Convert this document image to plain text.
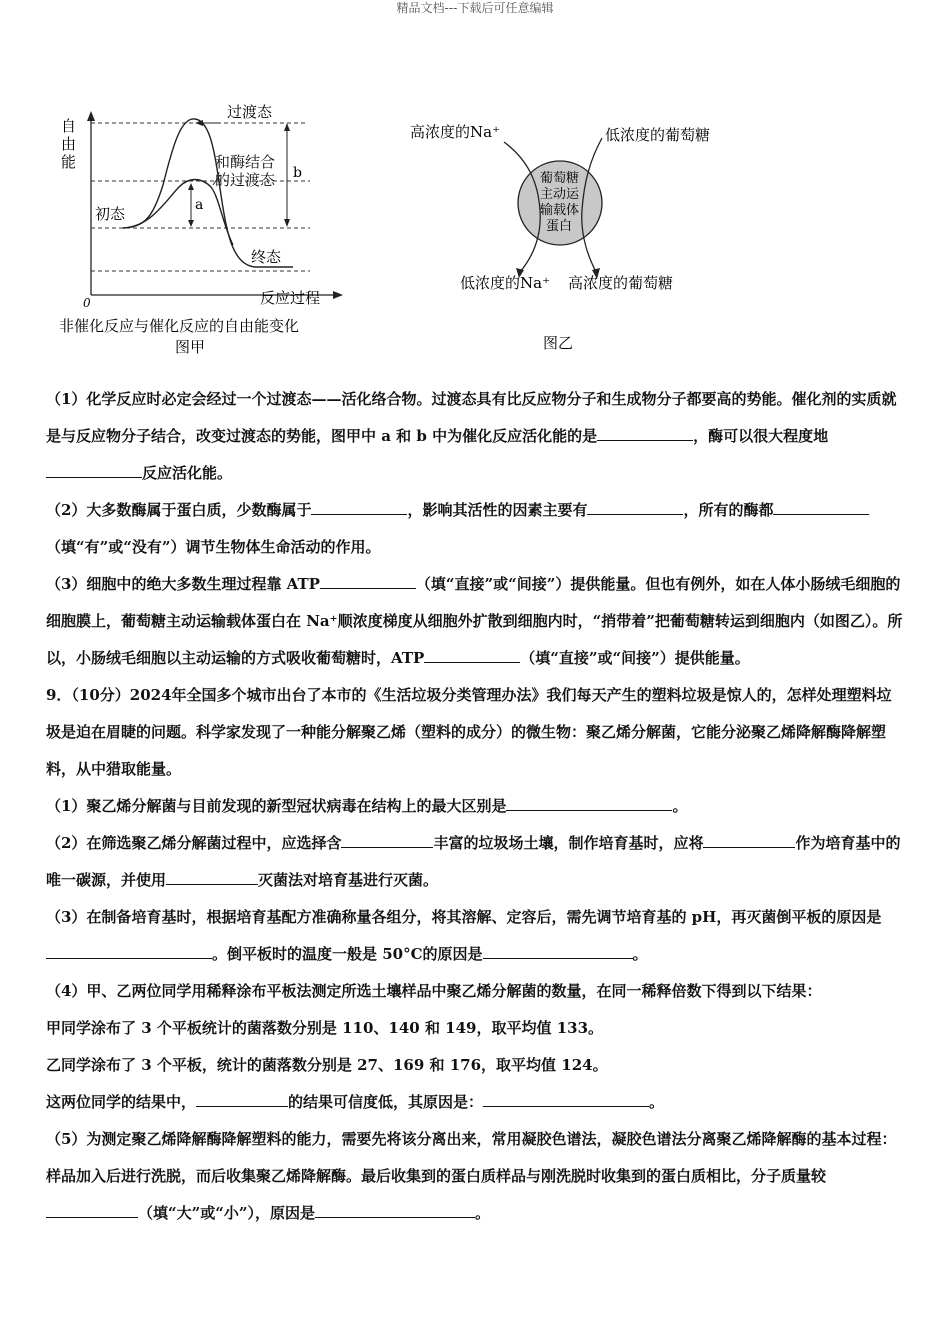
精品文档---下载后可任意编辑
自由能
0	反应过程
过渡态
初态
终态
a
b
非催化反应与催化反应的自由能变化
图甲
和酶结合的过渡态
高浓度的Na⁺	低浓度的葡萄糖
低浓度的Na⁺ 高浓度的葡萄糖
图乙
葡萄糖
主动运
输载体
蛋白

（1）化学反应时必定会经过一个过渡态——活化络合物。过渡态具有比反应物分子和生成物分子都要高的势能。催化剂的实质就是与反应物分子结合，改变过渡态的势能，图甲中 a 和 b 中为催化反应活化能的是	，酶可以很大程度地反应活化能。

（2）大多数酶属于蛋白质，少数酶属于	，影响其活性的因素主要有	，所有的酶都（填“有”或“没有”）调节生物体生命活动的作用。

（3）细胞中的绝大多数生理过程靠 ATP	（填“直接”或“间接”）提供能量。但也有例外，如在人体小肠绒毛细胞的细胞膜上，葡萄糖主动运输载体蛋白在 Na⁺顺浓度梯度从细胞外扩散到细胞内时，“捎带着”把葡萄糖转运到细胞内（如图乙）。所以，小肠绒毛细胞以主动运输的方式吸收葡萄糖时，ATP	（填“直接”或“间接”）提供能量。

9．（10分）2024年全国多个城市出台了本市的《生活垃圾分类管理办法》我们每天产生的塑料垃圾是惊人的，怎样处理塑料垃圾是迫在眉睫的问题。科学家发现了一种能分解聚乙烯（塑料的成分）的微生物：聚乙烯分解菌，它能分泌聚乙烯降解酶降解塑料，从中猎取能量。

（1）聚乙烯分解菌与目前发现的新型冠状病毒在结构上的最大区别是	。

（2）在筛选聚乙烯分解菌过程中，应选择含	丰富的垃圾场土壤，制作培育基时，应将	作为培育基中的唯一碳源，并使用	灭菌法对培育基进行灭菌。

（3）在制备培育基时，根据培育基配方准确称量各组分，将其溶解、定容后，需先调节培育基的 pH，再灭菌倒平板的原因是。倒平板时的温度一般是 50°C的原因是	。

（4）甲、乙两位同学用稀释涂布平板法测定所选土壤样品中聚乙烯分解菌的数量，在同一稀释倍数下得到以下结果：

甲同学涂布了 3 个平板统计的菌落数分别是 110、140 和 149，取平均值 133。

乙同学涂布了 3 个平板，统计的菌落数分别是 27、169 和 176，取平均值 124。

这两位同学的结果中，	的结果可信度低，其原因是：	。

（5）为测定聚乙烯降解酶降解塑料的能力，需要先将该分离出来，常用凝胶色谱法，凝胶色谱法分离聚乙烯降解酶的基本过程：样品加入后进行洗脱，而后收集聚乙烯降解酶。最后收集到的蛋白质样品与刚洗脱时收集到的蛋白质相比，分子质量较（填“大”或“小”），原因是	。
